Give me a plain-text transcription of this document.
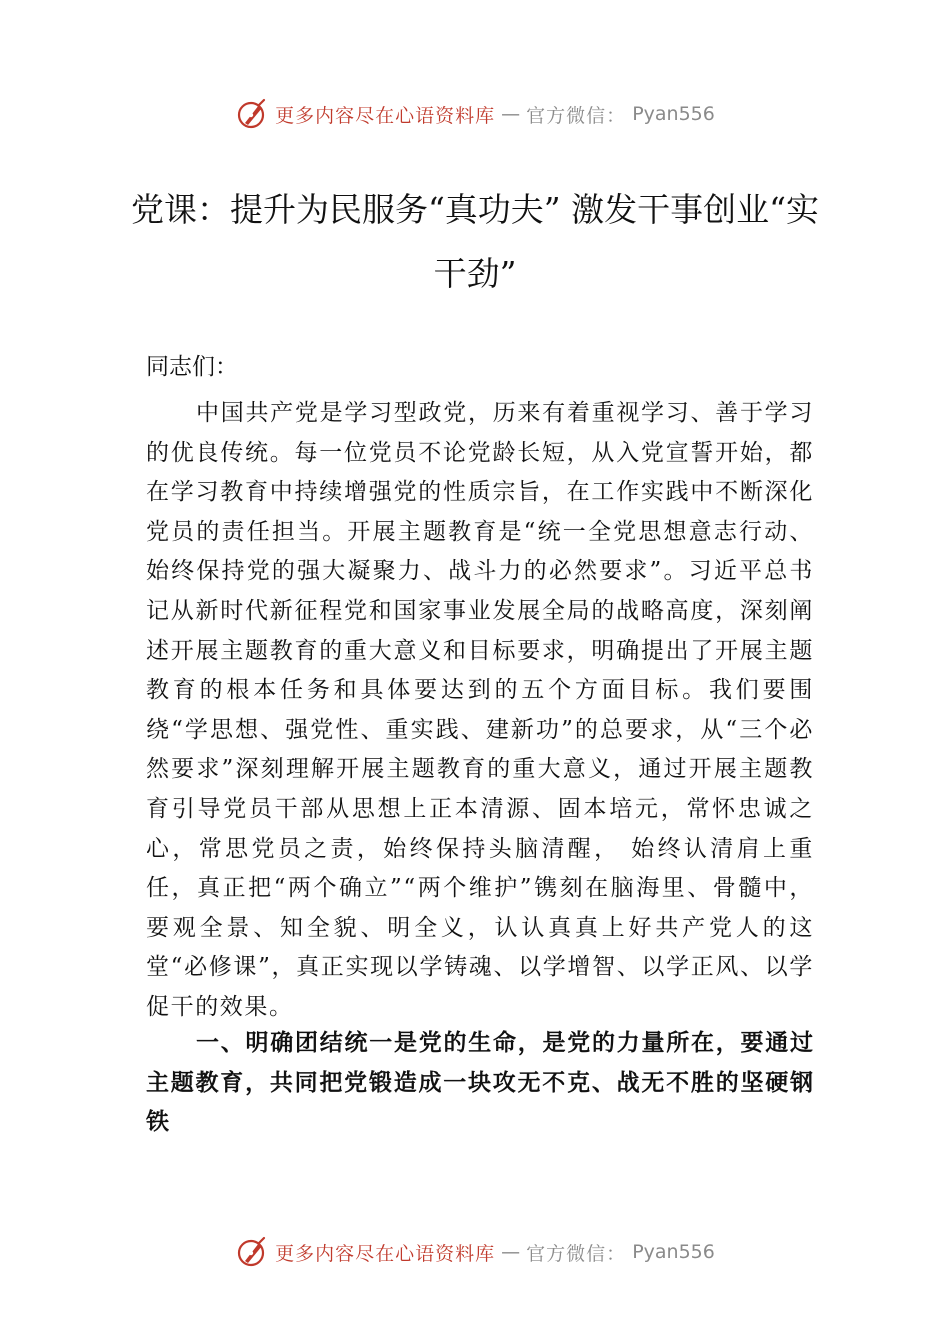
更多内容尽在心语资料库 — 官方微信： Pyan556
党课：提升为民服务“真功夫” 激发干事创业“实干劲”

同志们：

中国共产党是学习型政党，历来有着重视学习、善于学习的优良传统。每一位党员不论党龄长短，从入党宣誓开始，都在学习教育中持续增强党的性质宗旨，在工作实践中不断深化党员的责任担当。开展主题教育是“统一全党思想意志行动、始终保持党的强大凝聚力、战斗力的必然要求”。习近平总书记从新时代新征程党和国家事业发展全局的战略高度，深刻阐述开展主题教育的重大意义和目标要求，明确提出了开展主题教育的根本任务和具体要达到的五个方面目标。我们要围绕“学思想、强党性、重实践、建新功”的总要求，从“三个必然要求”深刻理解开展主题教育的重大意义，通过开展主题教育引导党员干部从思想上正本清源、固本培元，常怀忠诚之心，常思党员之责，始终保持头脑清醒， 始终认清肩上重任，真正把“两个确立”“两个维护”镌刻在脑海里、骨髓中，要观全景、知全貌、明全义，认认真真上好共产党人的这堂“必修课”，真正实现以学铸魂、以学增智、以学正风、以学促干的效果。

一、明确团结统一是党的生命，是党的力量所在，要通过主题教育，共同把党锻造成一块攻无不克、战无不胜的坚硬钢铁

更多内容尽在心语资料库 — 官方微信： Pyan556
